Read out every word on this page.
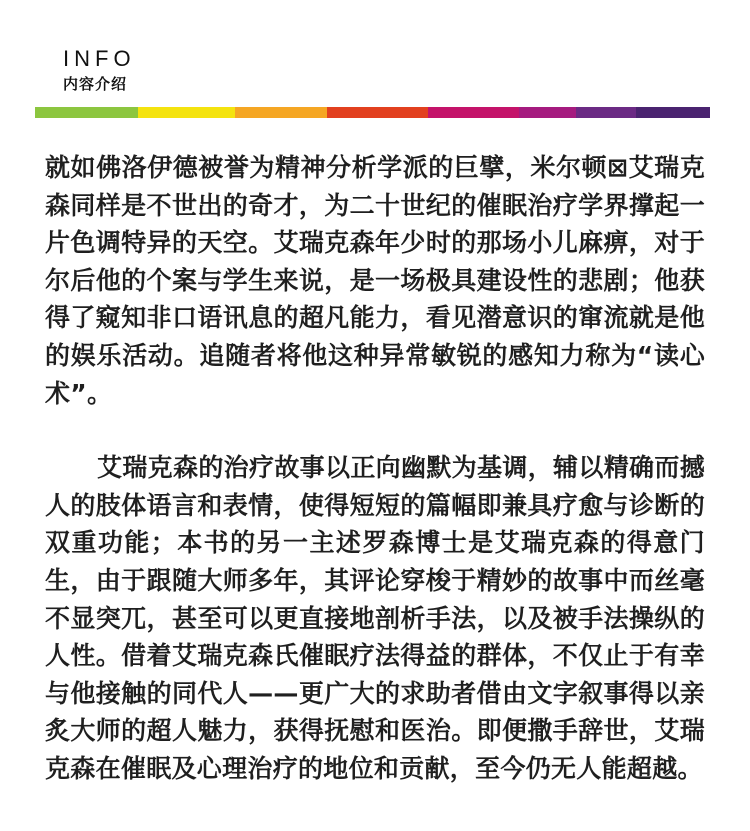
INFO
内容介绍

就如佛洛伊德被誉为精神分析学派的巨擘，米尔顿⊠艾瑞克森同样是不世出的奇才，为二十世纪的催眠治疗学界撑起一片色调特异的天空。艾瑞克森年少时的那场小儿麻痹，对于尔后他的个案与学生来说，是一场极具建设性的悲剧；他获得了窥知非口语讯息的超凡能力，看见潜意识的窜流就是他的娱乐活动。追随者将他这种异常敏锐的感知力称为“读心术”。

艾瑞克森的治疗故事以正向幽默为基调，辅以精确而撼人的肢体语言和表情，使得短短的篇幅即兼具疗愈与诊断的双重功能；本书的另一主述罗森博士是艾瑞克森的得意门生，由于跟随大师多年，其评论穿梭于精妙的故事中而丝毫不显突兀，甚至可以更直接地剖析手法，以及被手法操纵的人性。借着艾瑞克森氏催眠疗法得益的群体，不仅止于有幸与他接触的同代人——更广大的求助者借由文字叙事得以亲炙大师的超人魅力，获得抚慰和医治。即便撒手辞世，艾瑞克森在催眠及心理治疗的地位和贡献，至今仍无人能超越。
